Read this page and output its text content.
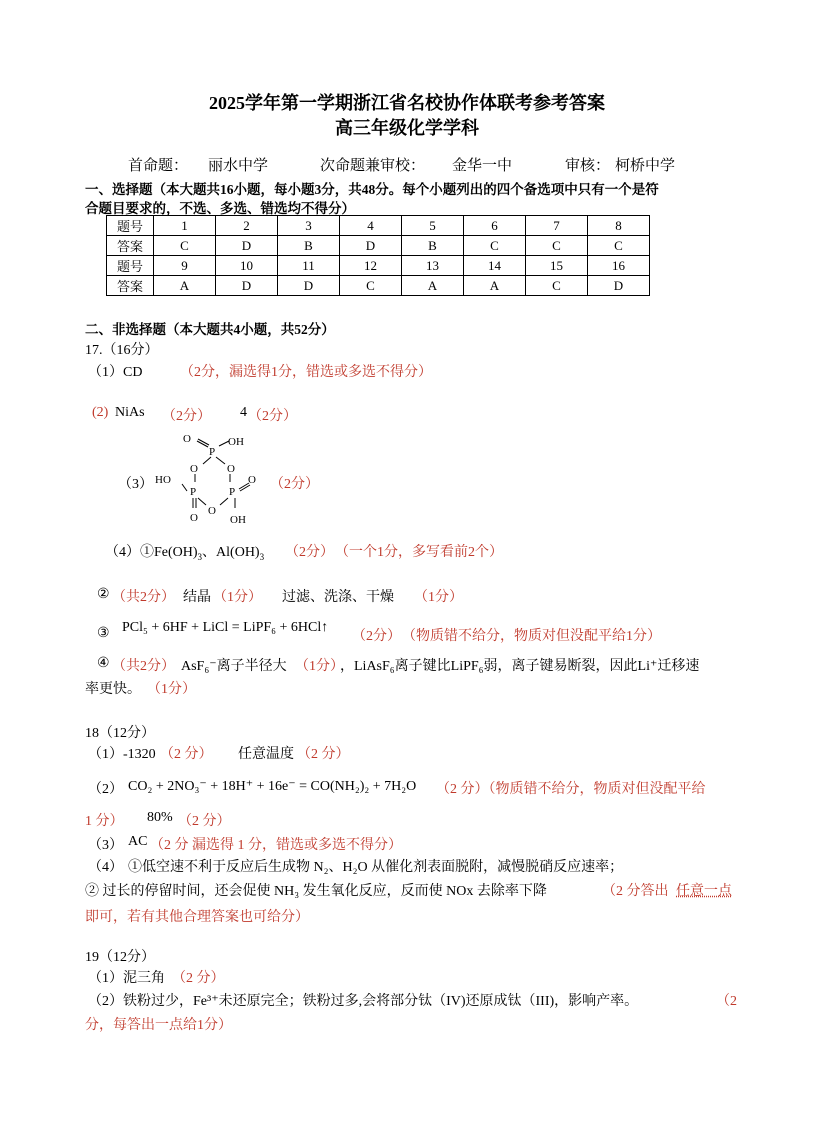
2025学年第一学期浙江省名校协作体联考参考答案
高三年级化学学科
首命题： 丽水中学	次命题兼审校： 金华一中	审核： 柯桥中学
一、选择题（本大题共16小题，每小题3分，共48分。每个小题列出的四个备选项中只有一个是符
合题目要求的，不选、多选、错选均不得分）
题号	1	2	3	4	5	6	7	8
答案	C	D	B	D	B	C	C	C
题号	9	10	11	12	13	14	15	16
答案	A	D	D	C	A	A	C	D
二、非选择题（本大题共4小题，共52分）
17.（16分）
（1）CD	（2分，漏选得1分，错选或多选不得分）
(2) NiAs （2分） 4 （2分）
（3）
P
O	OH
O	O
HO
P	P
O
O
O	OH
（2分）
$(4)①Fe(OH)_3$、$Al(OH)_3$ （2分） （一个1分，多写看前2个）
② （共2分） 结晶 （1分） 过滤、洗涤、干燥 （1分）
③ PCl₅ + 6HF + LiCl = LiPF₆ + 6HCl↑
（2分） （物质错不给分，物质对但没配平给1分）
④ （共2分） AsF₆⁻离子半径大 （1分）
，LiAsF₆离子键比LiPF₆弱，离子键易断裂，因此Li⁺迁移速
率更快。 （1分）
18（12分）
（1）-1320 （2 分） 任意温度 （2 分）
（2） CO₂ + 2NO₃⁻ + 18H⁺ + 16e⁻ = CO(NH₂)₂ + 7H₂O （2 分）（物质错不给分，物质对但没配平给
1 分） 80% （2 分）
（3） AC （2 分 漏选得 1 分，错选或多选不得分）
（4） ①低空速不利于反应后生成物 N₂、H₂O 从催化剂表面脱附，减慢脱硝反应速率；
② 过长的停留时间，还会促使 NH₃ 发生氧化反应，反而使 NOx 去除率下降	（2 分答出 任意一点
即可，若有其他合理答案也可给分）
19（12分）
（1）泥三角 （2 分）
（2）铁粉过少，Fe³⁺未还原完全；铁粉过多,会将部分钛（IV)还原成钛（III)，影响产率。	（2
分，每答出一点给1分）
